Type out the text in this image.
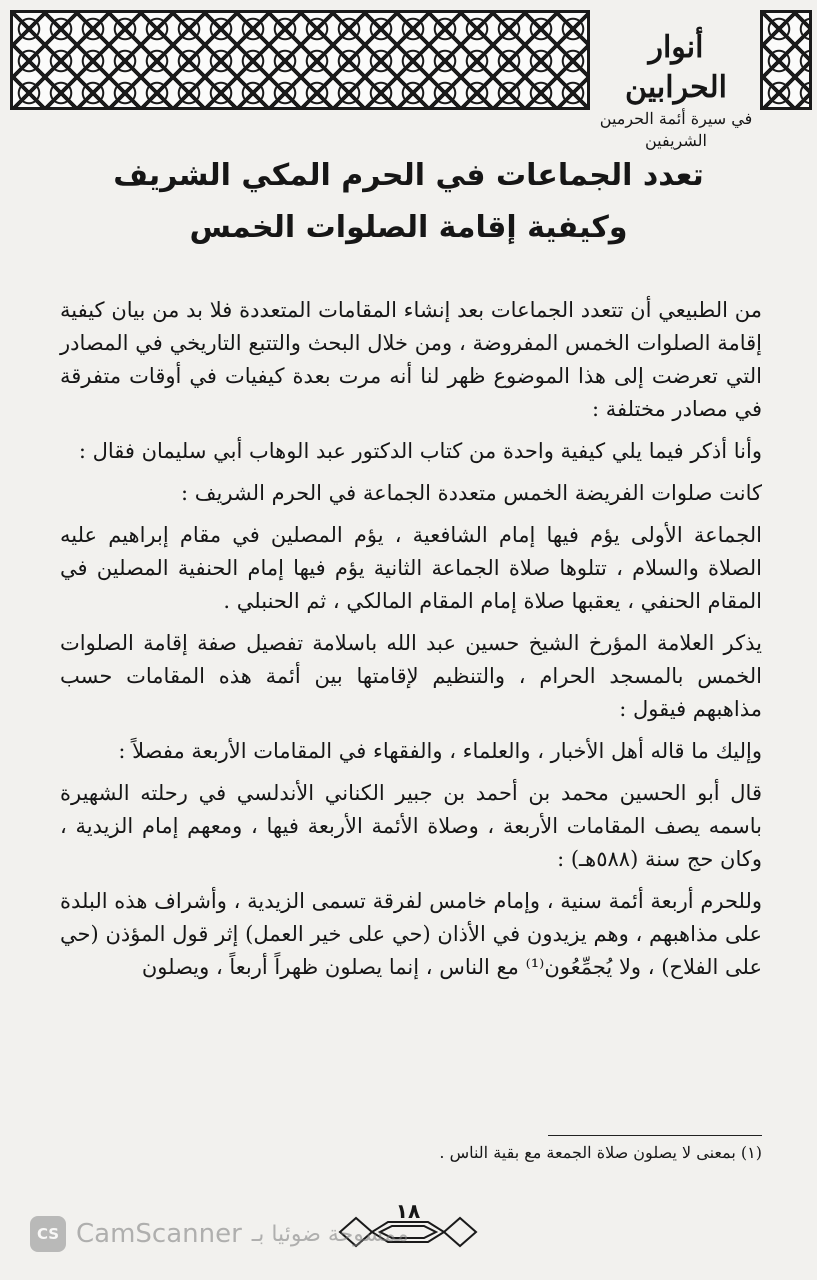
أنوار الحرابين
في سيرة أئمة الحرمين الشريفين
تعدد الجماعات في الحرم المكي الشريف
وكيفية إقامة الصلوات الخمس

من الطبيعي أن تتعدد الجماعات بعد إنشاء المقامات المتعددة فلا بد من بيان كيفية إقامة الصلوات الخمس المفروضة ، ومن خلال البحث والتتبع التاريخي في المصادر التي تعرضت إلى هذا الموضوع ظهر لنا أنه مرت بعدة كيفيات في أوقات متفرقة في مصادر مختلفة :

وأنا أذكر فيما يلي كيفية واحدة من كتاب الدكتور عبد الوهاب أبي سليمان فقال :

كانت صلوات الفريضة الخمس متعددة الجماعة في الحرم الشريف :

الجماعة الأولى يؤم فيها إمام الشافعية ، يؤم المصلين في مقام إبراهيم عليه الصلاة والسلام ، تتلوها صلاة الجماعة الثانية يؤم فيها إمام الحنفية المصلين في المقام الحنفي ، يعقبها صلاة إمام المقام المالكي ، ثم الحنبلي .

يذكر العلامة المؤرخ الشيخ حسين عبد الله باسلامة تفصيل صفة إقامة الصلوات الخمس بالمسجد الحرام ، والتنظيم لإقامتها بين أئمة هذه المقامات حسب مذاهبهم فيقول :

وإليك ما قاله أهل الأخبار ، والعلماء ، والفقهاء في المقامات الأربعة مفصلاً :

قال أبو الحسين محمد بن أحمد بن جبير الكناني الأندلسي في رحلته الشهيرة باسمه يصف المقامات الأربعة ، وصلاة الأئمة الأربعة فيها ، ومعهم إمام الزيدية ، وكان حج سنة (٥٨٨هـ) :

وللحرم أربعة أئمة سنية ، وإمام خامس لفرقة تسمى الزيدية ، وأشراف هذه البلدة على مذاهبهم ، وهم يزيدون في الأذان (حي على خير العمل) إثر قول المؤذن (حي على الفلاح) ، ولا يُجمِّعُون⁽¹⁾ مع الناس ، إنما يصلون ظهراً أربعاً ، ويصلون

(١) بمعنى لا يصلون صلاة الجمعة مع بقية الناس .
١٨
CS CamScanner ممسوحة ضوئيا بـ
